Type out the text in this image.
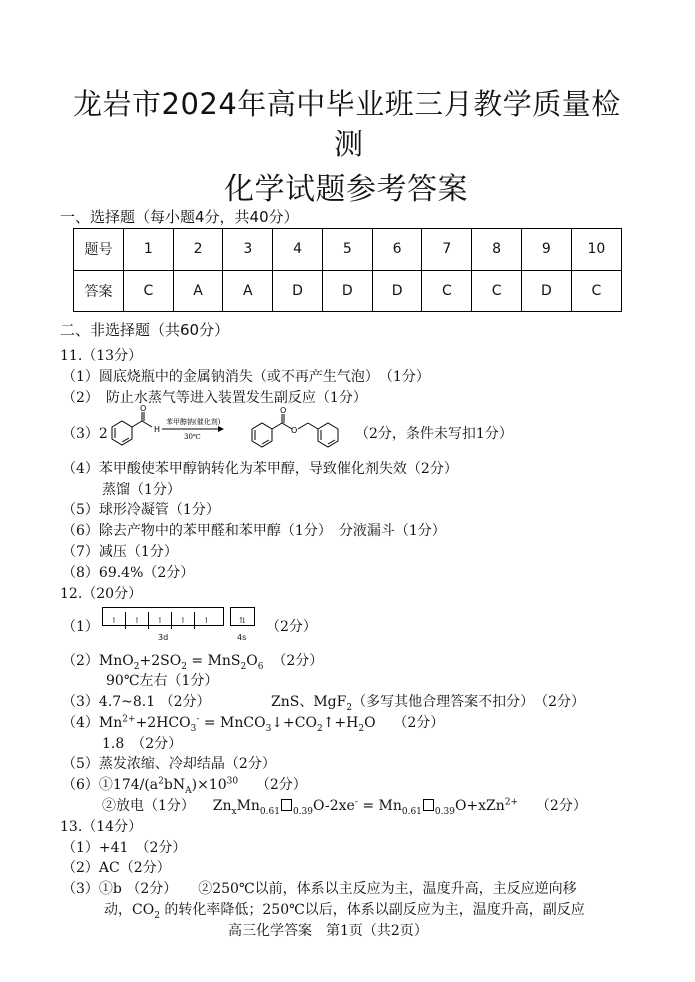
龙岩市2024年高中毕业班三月教学质量检
测
化学试题参考答案
一、选择题（每小题4分，共40分）
题号	1	2	3	4	5	6	7	8	9	10
答案	C	A	A	D	D	D	C	C	D	C
二、非选择题（共60分）
11.（13分）
（1）圆底烧瓶中的金属钠消失（或不再产生气泡）　（1分）
（2）　防止水蒸气等进入装置发生副反应（1分）
（3）2
O
H
苯甲醇钠(催化剂)
30℃
O
O	（2分，条件未写扣1分）
（4）苯甲酸使苯甲醇钠转化为苯甲醇，导致催化剂失效（2分）
蒸馏（1分）
（5）球形冷凝管（1分）
（6）除去产物中的苯甲醛和苯甲醇（1分）　分液漏斗（1分）
（7）减压（1分）
（8）69.4%（2分）
12.（20分）
（1）	↿ ↿ ↿ ↿ ↿	⇅
3d	4s
（2分）
$(2)MnO_2+2SO_2 = MnS_2O_6$ （2分）
90℃左右（1分）
（3）4.7~8.1 （2分）	ZnS、MgF$_2$（多写其他合理答案不扣分）　（2分）
$(4)Mn^{2+}+2HCO_3^-$ = $MnCO_3↓+CO_2↑+H_2O$ （2分）
1.8　（2分）
（5）蒸发浓缩、冷却结晶（2分）
$(6)①174/(a^2bN_A)\times 10^{30}$ （2分）
②放电（1分） $Zn_xMn_{0.61}$ $_{0.39}O-2xe^- = Mn_{0.61}$ $_{0.39}$O+xZn$^{2+}$ （2分）
13.（14分）
（1）+41　（2分）
（2）AC（2分）
（3）①b （2分）　　②250℃以前，体系以主反应为主，温度升高，主反应逆向移
动，$CO_2$ 的转化率降低；250℃以后，体系以副反应为主，温度升高，副反应
高三化学答案　第1页（共2页）
